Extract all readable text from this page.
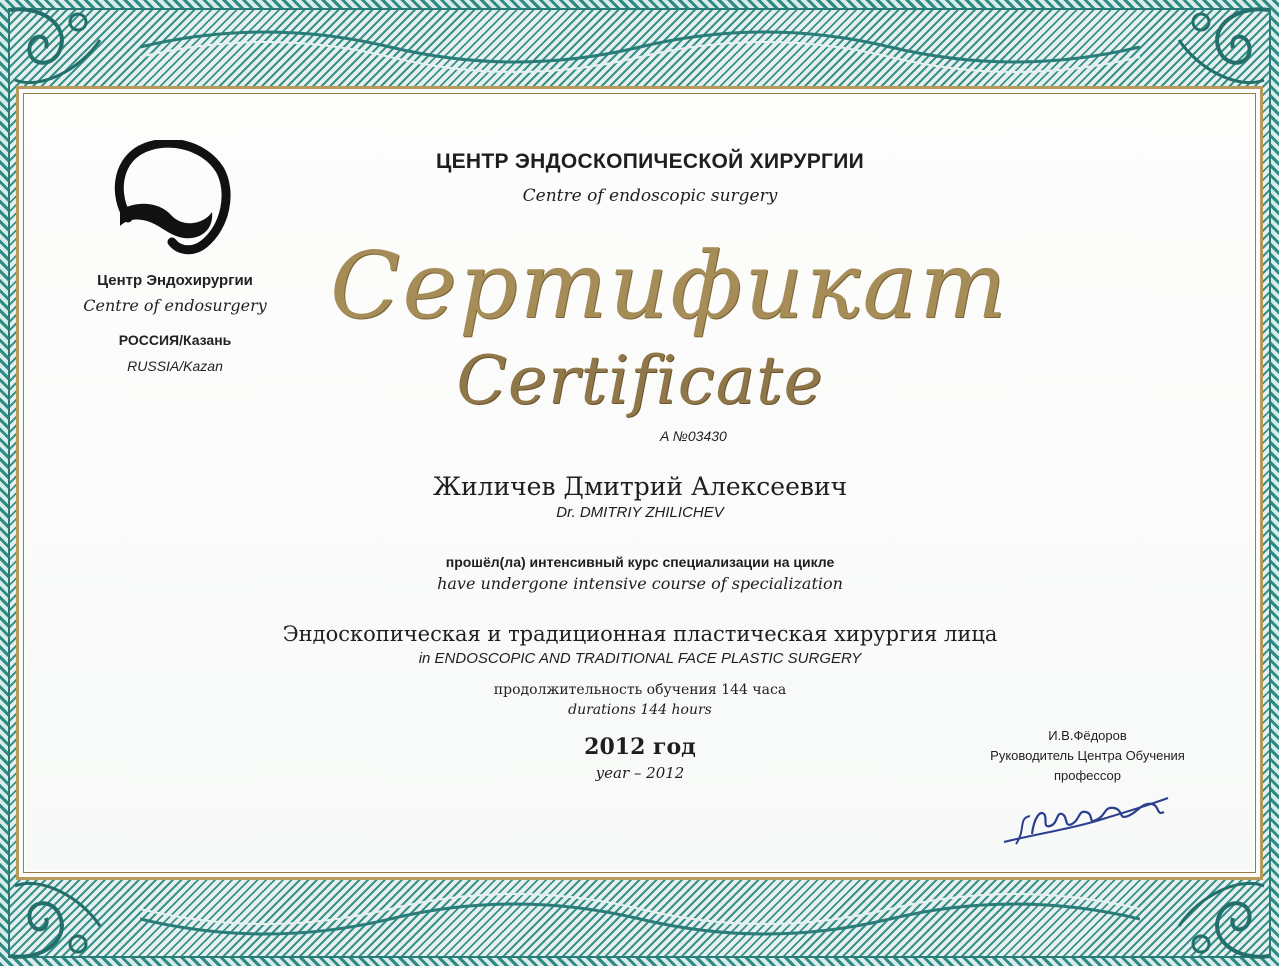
Центр Эндохирургии
Centre of endosurgery
РОССИЯ/Казань
RUSSIA/Kazan
ЦЕНТР ЭНДОСКОПИЧЕСКОЙ ХИРУРГИИ
Centre of endoscopic surgery
Сертификат
Certificate
A №03430
Жиличев Дмитрий Алексеевич
Dr. DMITRIY ZHILICHEV
прошёл(ла) интенсивный курс специализации на цикле
have undergone intensive course of specialization
Эндоскопическая и традиционная пластическая хирургия лица
in ENDOSCOPIC AND TRADITIONAL FACE PLASTIC SURGERY
продолжительность обучения 144 часа
durations 144 hours
2012 год
year – 2012
И.В.Фёдоров
Руководитель Центра Обучения
профессор
